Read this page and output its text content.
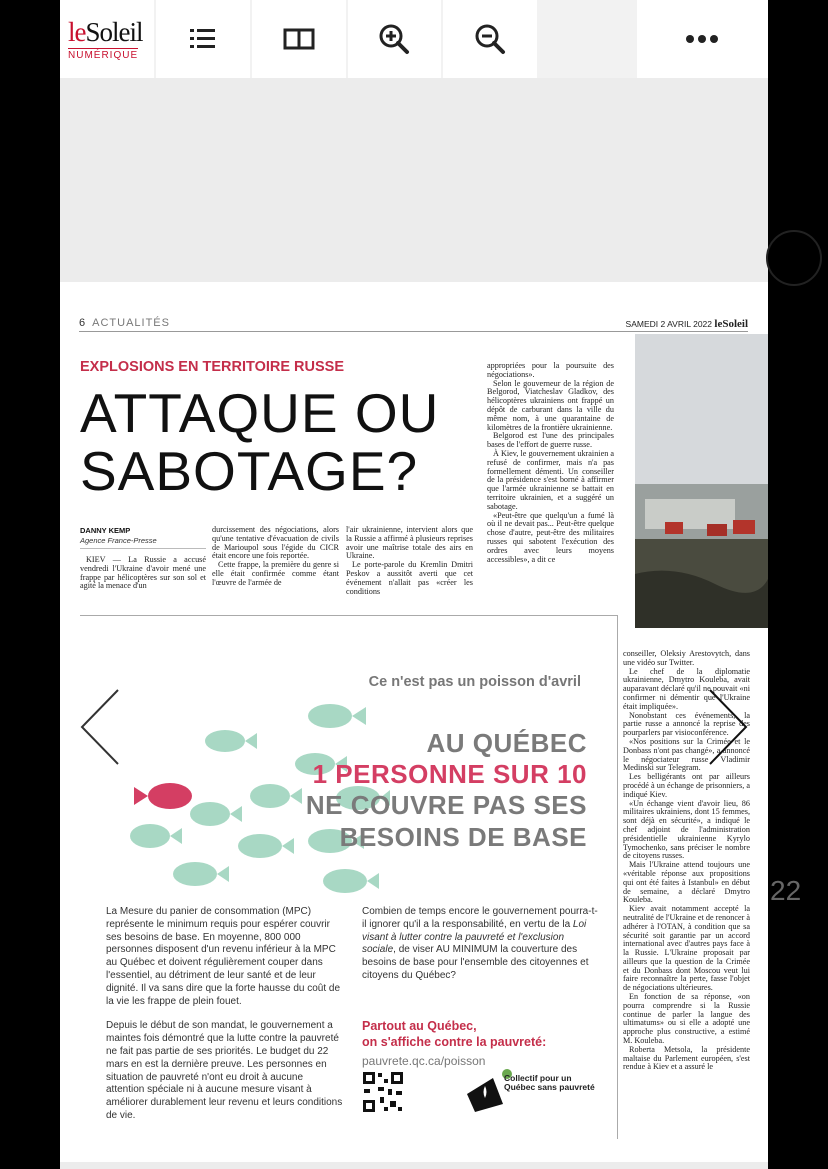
leSoleil
NUMÉRIQUE
22
6 ACTUALITÉS	SAMEDI 2 AVRIL 2022 leSoleil
EXPLOSIONS EN TERRITOIRE RUSSE
ATTAQUE OU
SABOTAGE?
DANNY KEMP
Agence France-Presse

KIEV — La Russie a accusé vendredi l'Ukraine d'avoir mené une frappe par hélicoptères sur son sol et agité la menace d'un

durcissement des négociations, alors qu'une tentative d'évacuation de civils de Marioupol sous l'égide du CICR était encore une fois reportée.

Cette frappe, la première du genre si elle était confirmée comme étant l'œuvre de l'armée de

l'air ukrainienne, intervient alors que la Russie a affirmé à plusieurs reprises avoir une maîtrise totale des airs en Ukraine.

Le porte-parole du Kremlin Dmitri Peskov a aussitôt averti que cet événement n'allait pas «créer les conditions

appropriées pour la poursuite des négociations».

Selon le gouverneur de la région de Belgorod, Viatcheslav Gladkov, des hélicoptères ukrainiens ont frappé un dépôt de carburant dans la ville du même nom, à une quarantaine de kilomètres de la frontière ukrainienne.

Belgorod est l'une des principales bases de l'effort de guerre russe.

À Kiev, le gouvernement ukrainien a refusé de confirmer, mais n'a pas formellement démenti. Un conseiller de la présidence s'est borné à affirmer que l'armée ukrainienne se battait en territoire ukrainien, et a suggéré un sabotage.

«Peut-être que quelqu'un a fumé là où il ne devait pas... Peut-être quelque chose d'autre, peut-être des militaires russes qui sabotent l'exécution des ordres avec leurs moyens accessibles», a dit ce

conseiller, Oleksiy Arestovytch, dans une vidéo sur Twitter.

Le chef de la diplomatie ukrainienne, Dmytro Kouleba, avait auparavant déclaré qu'il ne pouvait «ni confirmer ni démentir que l'Ukraine était impliquée».

Nonobstant ces événements, la partie russe a annoncé la reprise des pourparlers par visioconférence.

«Nos positions sur la Crimée et le Donbass n'ont pas changé», a annoncé le négociateur russe Vladimir Medinski sur Telegram.

Les belligérants ont par ailleurs procédé à un échange de prisonniers, a indiqué Kiev.

«Un échange vient d'avoir lieu, 86 militaires ukrainiens, dont 15 femmes, sont déjà en sécurité», a indiqué le chef adjoint de l'administration présidentielle ukrainienne Kyrylo Tymochenko, sans préciser le nombre de citoyens russes.

Mais l'Ukraine attend toujours une «véritable réponse aux propositions qui ont été faites à Istanbul» en début de semaine, a déclaré Dmytro Kouleba.

Kiev avait notamment accepté la neutralité de l'Ukraine et de renoncer à adhérer à l'OTAN, à condition que sa sécurité soit garantie par un accord international avec d'autres pays face à la Russie. L'Ukraine proposait par ailleurs que la question de la Crimée et du Donbass dont Moscou veut lui faire reconnaître la perte, fasse l'objet de négociations ultérieures.

En fonction de sa réponse, «on pourra comprendre si la Russie continue de parler la langue des ultimatums» ou si elle a adopté une approche plus constructive, a estimé M. Kouleba.

Roberta Metsola, la présidente maltaise du Parlement européen, s'est rendue à Kiev et a assuré le

Ce n'est pas un poisson d'avril
AU QUÉBEC
1 PERSONNE SUR 10
NE COUVRE PAS SES
BESOINS DE BASE

La Mesure du panier de consommation (MPC) représente le minimum requis pour espérer couvrir ses besoins de base. En moyenne, 800 000 personnes disposent d'un revenu inférieur à la MPC au Québec et doivent régulièrement couper dans l'essentiel, au détriment de leur santé et de leur dignité. Il va sans dire que la forte hausse du coût de la vie les frappe de plein fouet.

Depuis le début de son mandat, le gouvernement a maintes fois démontré que la lutte contre la pauvreté ne fait pas partie de ses priorités. Le budget du 22 mars en est la dernière preuve. Les personnes en situation de pauvreté n'ont eu droit à aucune attention spéciale ni à aucune mesure visant à améliorer durablement leur revenu et leurs conditions de vie.

Combien de temps encore le gouvernement pourra-t-il ignorer qu'il a la responsabilité, en vertu de la Loi visant à lutter contre la pauvreté et l'exclusion sociale, de viser AU MINIMUM la couverture des besoins de base pour l'ensemble des citoyennes et citoyens du Québec?

Partout au Québec,
on s'affiche contre la pauvreté:
pauvrete.qc.ca/poisson
Collectif pour un Québec sans pauvreté
